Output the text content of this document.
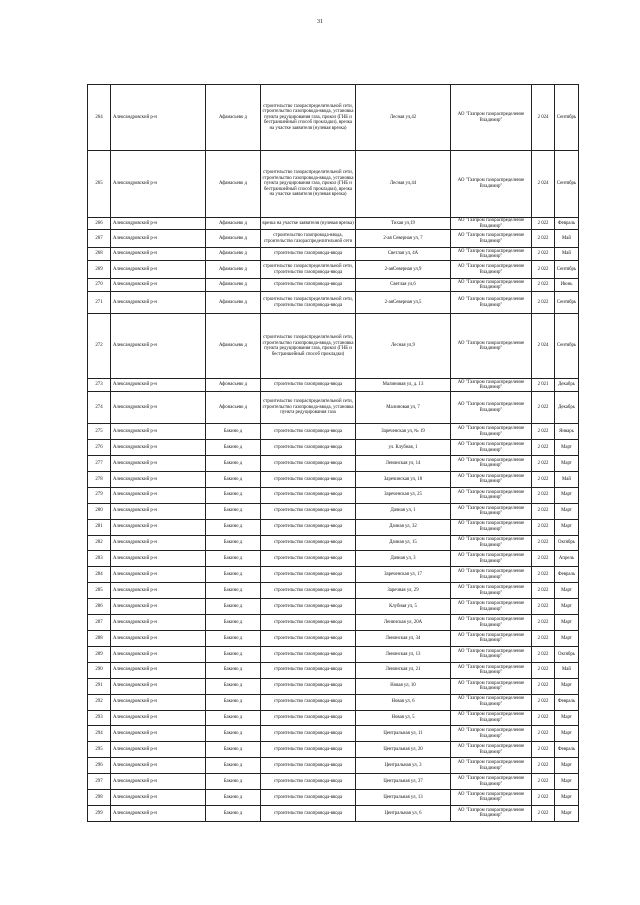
31
264	Александровский р-н	Афанасьево д	строительство газораспределительной сети, строительство газопровода-ввода, установка пункта редуцирования газа, прокол (ГНБ и бестраншейный способ прокладки), врезка на участке заявителя (нулевая врезка)	Лесная ул,42	АО "Газпром газораспределение Владимир"	2 024	Сентябрь
265	Александровский р-н	Афанасьево д	строительство газораспределительной сети, строительство газопровода-ввода, установка пункта редуцирования газа, прокол (ГНБ и бестраншейный способ прокладки), врезка на участке заявителя (нулевая врезка)	Лесная ул,44	АО "Газпром газораспределение Владимир"	2 024	Сентябрь
266	Александровский р-н	Афанасьево д	врезка на участке заявителя (нулевая врезка)	Тихая ул,19	АО "Газпром газораспределение Владимир"	2 022	Февраль
267	Александровский р-н	Афанасьево д	строительство газопровода-ввода, строительство газораспределительной сети	2-ая Северная ул, 7	АО "Газпром газораспределение Владимир"	2 022	Май
268	Александровский р-н	Афанасьево д	строительство газопровода-ввода	Светлая ул, 4А	АО "Газпром газораспределение Владимир"	2 022	Май
269	Александровский р-н	Афанасьево д	строительство газораспределительной сети, строительство газопровода-ввода	2-аяСеверная ул,9	АО "Газпром газораспределение Владимир"	2 022	Сентябрь
270	Александровский р-н	Афанасьево д	строительство газопровода-ввода	Светлая ул,6	АО "Газпром газораспределение Владимир"	2 022	Июнь
271	Александровский р-н	Афанасьево д	строительство газораспределительной сети, строительство газопровода-ввода	2-аяСеверная ул,5	АО "Газпром газораспределение Владимир"	2 022	Сентябрь
272	Александровский р-н	Афанасьево д	строительство газораспределительной сети, строительство газопровода-ввода, установка пункта редуцирования газа, прокол (ГНБ и бестраншейный способ прокладки)	Лесная ул,9	АО "Газпром газораспределение Владимир"	2 024	Сентябрь
273	Александровский р-н	Афонасьево д	строительство газопровода-ввода	Малиновая ул, д. 13	АО "Газпром газораспределение Владимир"	2 021	Декабрь
274	Александровский р-н	Афонасьево д	строительство газораспределительной сети, строительство газопровода-ввода, установка пункта редуцирования газа	Малиновая ул, 7	АО "Газпром газораспределение Владимир"	2 022	Декабрь
275	Александровский р-н	Бакино д	строительство газопровода-ввода	Зареченская ул, № 19	АО "Газпром газораспределение Владимир"	2 022	Январь
276	Александровский р-н	Бакино д	строительство газопровода-ввода	ул. Клубная, 1	АО "Газпром газораспределение Владимир"	2 022	Март
277	Александровский р-н	Бакино д	строительство газопровода-ввода	Ленинская ул, 14	АО "Газпром газораспределение Владимир"	2 022	Март
278	Александровский р-н	Бакино д	строительство газопровода-ввода	Заречинская ул, 18	АО "Газпром газораспределение Владимир"	2 022	Май
279	Александровский р-н	Бакино д	строительство газопровода-ввода	Зареченская ул, 25	АО "Газпром газораспределение Владимир"	2 022	Март
280	Александровский р-н	Бакино д	строительство газопровода-ввода	Дачная ул, 1	АО "Газпром газораспределение Владимир"	2 022	Март
281	Александровский р-н	Бакино д	строительство газопровода-ввода	Дачная ул, 32	АО "Газпром газораспределение Владимир"	2 022	Март
282	Александровский р-н	Бакино д	строительство газопровода-ввода	Дачная ул, 15	АО "Газпром газораспределение Владимир"	2 022	Октябрь
283	Александровский р-н	Бакино д	строительство газопровода-ввода	Дачная ул, 3	АО "Газпром газораспределение Владимир"	2 022	Апрель
284	Александровский р-н	Бакино д	строительство газопровода-ввода	Зареченская ул, 17	АО "Газпром газораспределение Владимир"	2 022	Февраль
285	Александровский р-н	Бакино д	строительство газопровода-ввода	Заречная ул, 29	АО "Газпром газораспределение Владимир"	2 022	Март
286	Александровский р-н	Бакино д	строительство газопровода-ввода	Клубная ул, 5	АО "Газпром газораспределение Владимир"	2 022	Март
287	Александровский р-н	Бакино д	строительство газопровода-ввода	Ленинская ул, 20А	АО "Газпром газораспределение Владимир"	2 022	Март
288	Александровский р-н	Бакино д	строительство газопровода-ввода	Ленинская ул, 34	АО "Газпром газораспределение Владимир"	2 022	Март
289	Александровский р-н	Бакино д	строительство газопровода-ввода	Ленинская ул, 13	АО "Газпром газораспределение Владимир"	2 022	Октябрь
290	Александровский р-н	Бакино д	строительство газопровода-ввода	Ленинская ул, 21	АО "Газпром газораспределение Владимир"	2 022	Май
291	Александровский р-н	Бакино д	строительство газопровода-ввода	Новая ул, 10	АО "Газпром газораспределение Владимир"	2 022	Март
292	Александровский р-н	Бакино д	строительство газопровода-ввода	Новая ул, 6	АО "Газпром газораспределение Владимир"	2 022	Февраль
293	Александровский р-н	Бакино д	строительство газопровода-ввода	Новая ул, 5	АО "Газпром газораспределение Владимир"	2 022	Март
294	Александровский р-н	Бакино д	строительство газопровода-ввода	Центральная ул, 11	АО "Газпром газораспределение Владимир"	2 022	Март
295	Александровский р-н	Бакино д	строительство газопровода-ввода	Центральная ул, 20	АО "Газпром газораспределение Владимир"	2 022	Февраль
296	Александровский р-н	Бакино д	строительство газопровода-ввода	Центральная ул, 3	АО "Газпром газораспределение Владимир"	2 022	Март
297	Александровский р-н	Бакино д	строительство газопровода-ввода	Центральная ул, 37	АО "Газпром газораспределение Владимир"	2 022	Март
298	Александровский р-н	Бакино д	строительство газопровода-ввода	Центральная ул, 13	АО "Газпром газораспределение Владимир"	2 022	Март
299	Александровский р-н	Бакино д	строительство газопровода-ввода	Центральная ул, 6	АО "Газпром газораспределение Владимир"	2 022	Март
